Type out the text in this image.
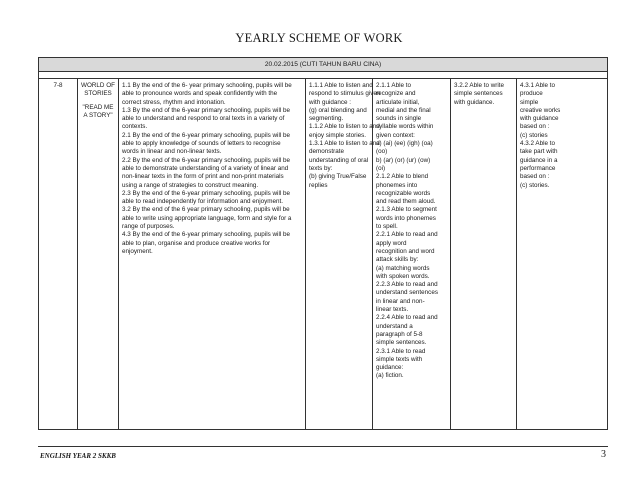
YEARLY SCHEME OF WORK
20.02.2015 (CUTI TAHUN BARU CINA)
7-8	WORLD OF STORIES
"READ ME A STORY"
1.1 By the end of the 6- year primary schooling, pupils will be
able to pronounce words and speak confidently with the
correct stress, rhythm and intonation.
1.3 By the end of the 6-year primary schooling, pupils will be
able to understand and respond to oral texts in a variety of
contexts.
2.1 By the end of the 6-year primary schooling, pupils will be
able to apply knowledge of sounds of letters to recognise
words in linear and non-linear texts.
2.2 By the end of the 6-year primary schooling, pupils will be
able to demonstrate understanding of a variety of linear and
non-linear texts in the form of print and non-print materials
using a range of strategies to construct meaning.
2.3 By the end of the 6-year primary schooling, pupils will be
able to read independently for information and enjoyment.
3.2 By the end of the 6 year primary schooling, pupils will be
able to write using appropriate language, form and style for a
range of purposes.
4.3 By the end of the 6-year primary schooling, pupils will be
able to plan, organise and produce creative works for
enjoyment.
1.1.1 Able to listen and
respond to stimulus given
with guidance :
(g) oral blending and
segmenting.
1.1.2 Able to listen to and
enjoy simple stories.
1.3.1 Able to listen to and
demonstrate
understanding of oral
texts by:
(b) giving True/False
replies
2.1.1 Able to
recognize and
articulate initial,
medial and the final
sounds in single
syllable words within
given context:
a) (ai) (ee) (igh) (oa)
(oo)
b) (ar) (or) (ur) (ow)
(oi)
2.1.2 Able to blend
phonemes into
recognizable words
and read them aloud.
2.1.3 Able to segment
words into phonemes
to spell.
2.2.1 Able to read and
apply word
recognition and word
attack skills by:
(a) matching words
with spoken words.
2.2.3 Able to read and
understand sentences
in linear and non-
linear texts.
2.2.4 Able to read and
understand a
paragraph of 5-8
simple sentences.
2.3.1 Able to read
simple texts with
guidance:
(a) fiction.
3.2.2 Able to write
simple sentences
with guidance.
4.3.1 Able to
produce
simple
creative works
with guidance
based on :
(c) stories
4.3.2 Able to
take part with
guidance in a
performance
based on :
(c) stories.
ENGLISH YEAR 2 SKKB	3
